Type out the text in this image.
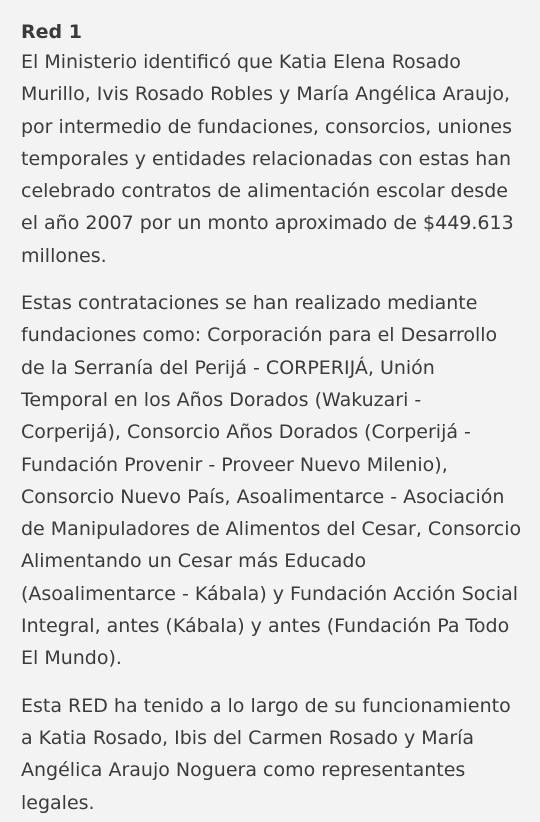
Red 1

El Ministerio identificó que Katia Elena Rosado Murillo, Ivis Rosado Robles y María Angélica Araujo, por intermedio de fundaciones, consorcios, uniones temporales y entidades relacionadas con estas han celebrado contratos de alimentación escolar desde el año 2007 por un monto aproximado de $449.613 millones.

Estas contrataciones se han realizado mediante fundaciones como: Corporación para el Desarrollo de la Serranía del Perijá - CORPERIJÁ, Unión Temporal en los Años Dorados (Wakuzari - Corperijá), Consorcio Años Dorados (Corperijá - Fundación Provenir - Proveer Nuevo Milenio), Consorcio Nuevo País, Asoalimentarce - Asociación de Manipuladores de Alimentos del Cesar, Consorcio Alimentando un Cesar más Educado (Asoalimentarce - Kábala) y Fundación Acción Social Integral, antes (Kábala) y antes (Fundación Pa Todo El Mundo).

Esta RED ha tenido a lo largo de su funcionamiento a Katia Rosado, Ibis del Carmen Rosado y María Angélica Araujo Noguera como representantes legales.
